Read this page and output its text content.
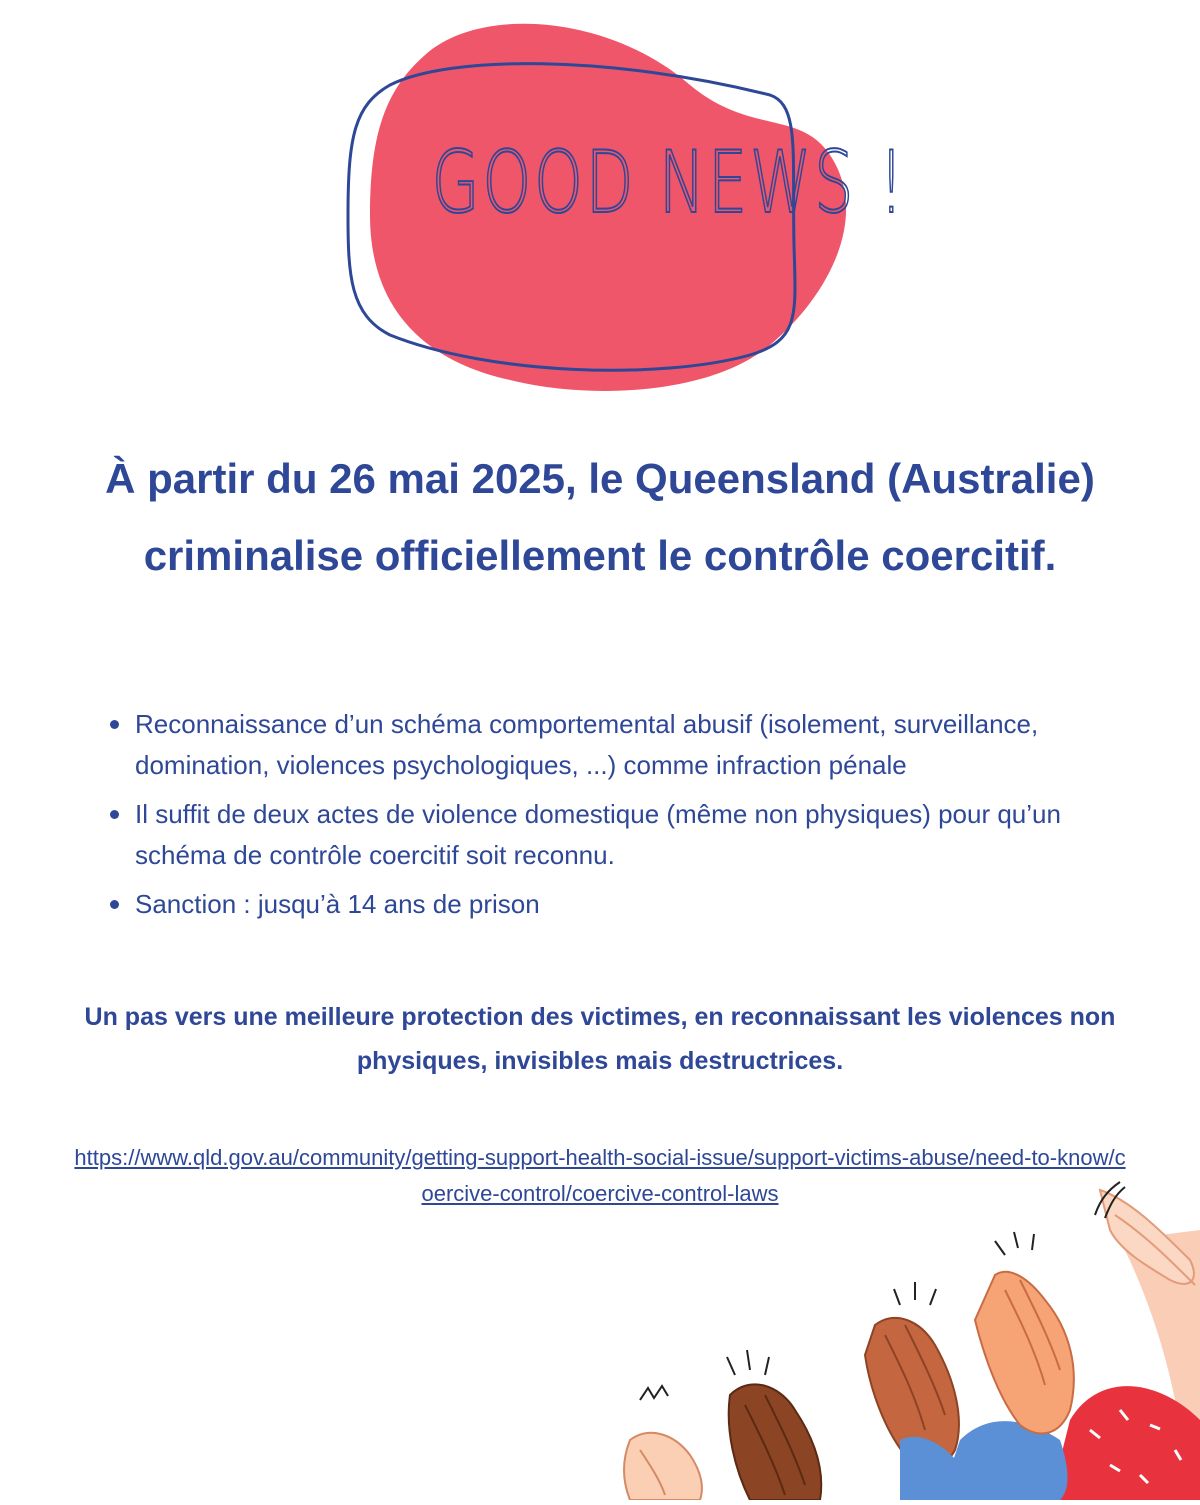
GOOD NEWS !
À partir du 26 mai 2025, le Queensland (Australie) criminalise officiellement le contrôle coercitif.
Reconnaissance d’un schéma comportemental abusif (isolement, surveillance, domination, violences psychologiques, ...) comme infraction pénale
Il suffit de deux actes de violence domestique (même non physiques) pour qu’un schéma de contrôle coercitif soit reconnu.
Sanction : jusqu’à 14 ans de prison

Un pas vers une meilleure protection des victimes, en reconnaissant les violences non physiques, invisibles mais destructrices.

https://www.qld.gov.au/community/getting-support-health-social-issue/support-victims-abuse/need-to-know/coercive-control/coercive-control-laws
